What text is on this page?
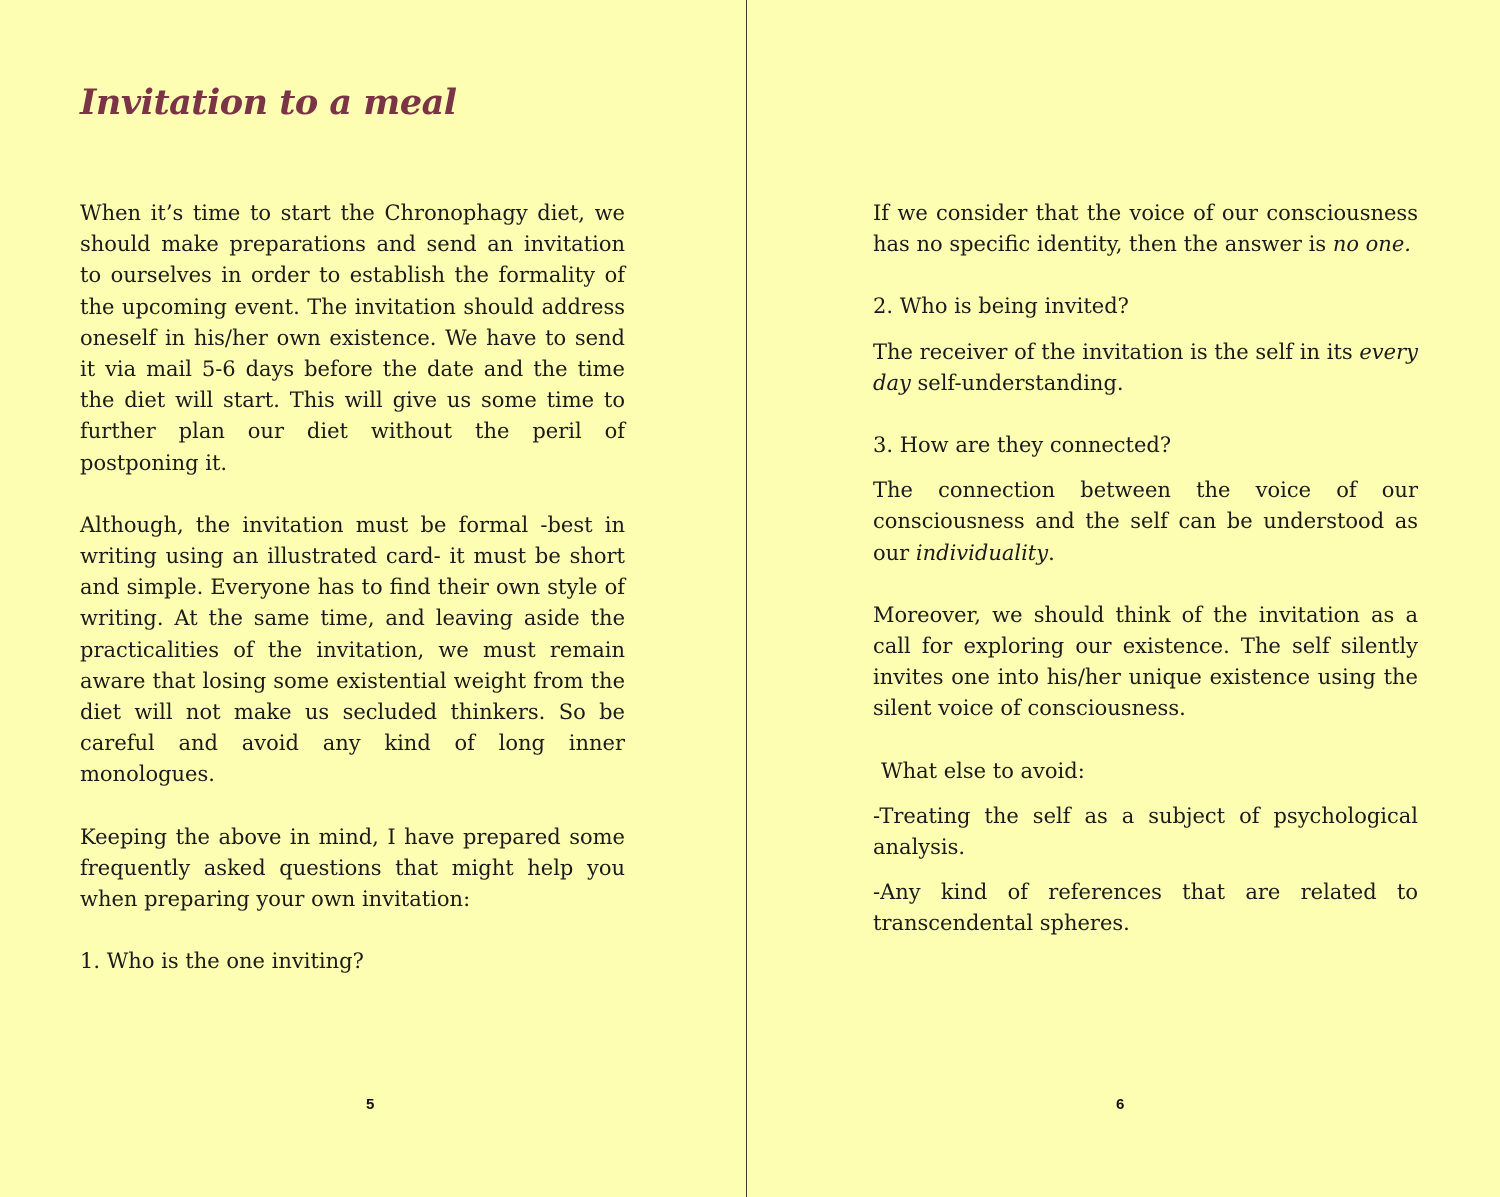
Invitation to a meal

When it’s time to start the Chronophagy diet, we should make preparations and send an invitation to ourselves in order to establish the formality of the upcoming event. The invitation should address oneself in his/her own existence. We have to send it via mail 5-6 days before the date and the time the diet will start. This will give us some time to further plan our diet without the peril of postponing it.

Although, the invitation must be formal -best in writing using an illustrated card- it must be short and simple. Everyone has to find their own style of writing. At the same time, and leaving aside the practicalities of the invitation, we must remain aware that losing some existential weight from the diet will not make us secluded thinkers. So be careful and avoid any kind of long inner monologues.

Keeping the above in mind, I have prepared some frequently asked questions that might help you when preparing your own invitation:

1. Who is the one inviting?

5

If we consider that the voice of our consciousness has no specific identity, then the answer is no one.

2. Who is being invited?

The receiver of the invitation is the self in its every day self-understanding.

3. How are they connected?

The connection between the voice of our consciousness and the self can be understood as our individuality.

Moreover, we should think of the invitation as a call for exploring our existence. The self silently invites one into his/her unique existence using the silent voice of consciousness.

What else to avoid:

-Treating the self as a subject of psychological analysis.

-Any kind of references that are related to transcendental spheres.

6
